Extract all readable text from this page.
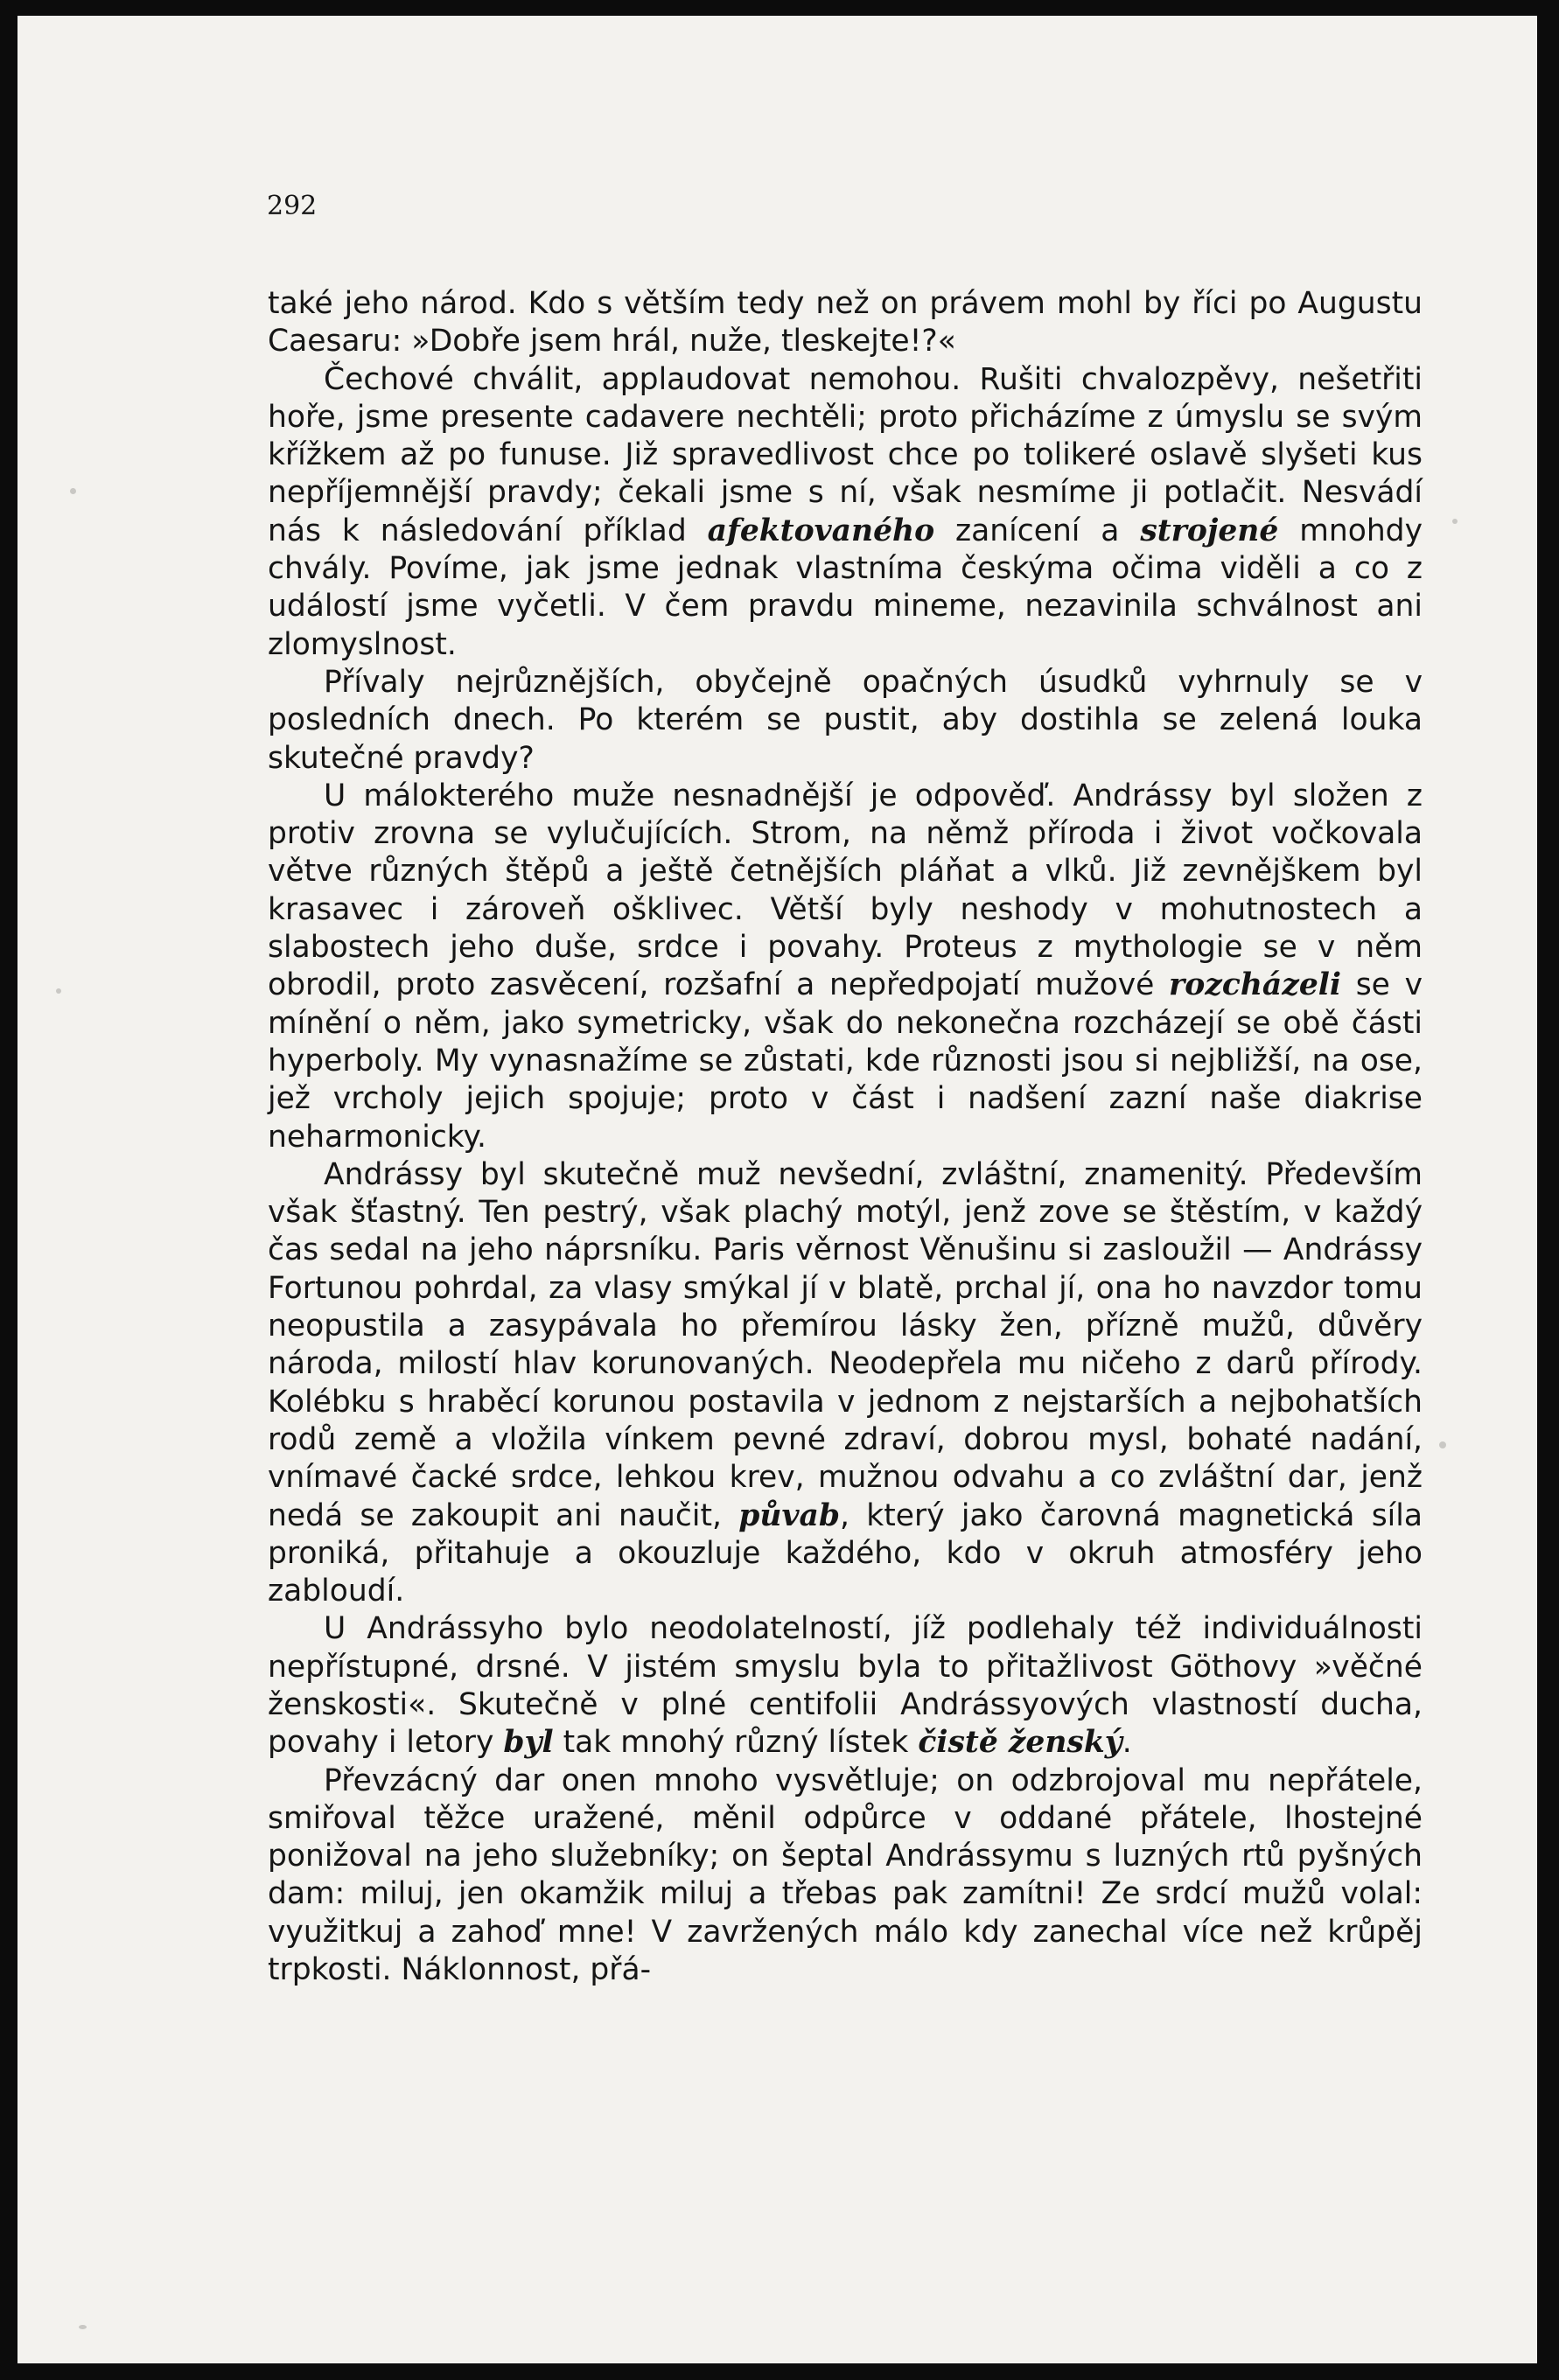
292

také jeho národ. Kdo s větším tedy než on právem mohl by říci po Augustu Caesaru: »Dobře jsem hrál, nuže, tleskejte!?«

Čechové chválit, applaudovat nemohou. Rušiti chvalozpěvy, nešetřiti hoře, jsme presente cadavere nechtěli; proto přicházíme z úmyslu se svým křížkem až po funuse. Již spravedlivost chce po tolikeré oslavě slyšeti kus nepříjemnější pravdy; čekali jsme s ní, však nesmíme ji potlačit. Nesvádí nás k následování příklad afektovaného zanícení a strojené mnohdy chvály. Povíme, jak jsme jednak vlastníma českýma očima viděli a co z událostí jsme vyčetli. V čem pravdu mineme, nezavinila schválnost ani zlomyslnost.

Přívaly nejrůznějších, obyčejně opačných úsudků vyhrnuly se v posledních dnech. Po kterém se pustit, aby dostihla se zelená louka skutečné pravdy?

U málokterého muže nesnadnější je odpověď. Andrássy byl složen z protiv zrovna se vylučujících. Strom, na němž příroda i život vočkovala větve různých štěpů a ještě četnějších pláňat a vlků. Již zevnějškem byl krasavec i zároveň ošklivec. Větší byly neshody v mohutnostech a slabostech jeho duše, srdce i povahy. Proteus z mythologie se v něm obrodil, proto zasvěcení, rozšafní a nepředpojatí mužové rozcházeli se v mínění o něm, jako symetricky, však do nekonečna rozcházejí se obě části hyperboly. My vynasnažíme se zůstati, kde různosti jsou si nejbližší, na ose, jež vrcholy jejich spojuje; proto v část i nadšení zazní naše diakrise neharmonicky.

Andrássy byl skutečně muž nevšední, zvláštní, znamenitý. Především však šťastný. Ten pestrý, však plachý motýl, jenž zove se štěstím, v každý čas sedal na jeho náprsníku. Paris věrnost Věnušinu si zasloužil — Andrássy Fortunou pohrdal, za vlasy smýkal jí v blatě, prchal jí, ona ho navzdor tomu neopustila a zasypávala ho přemírou lásky žen, přízně mužů, důvěry národa, milostí hlav korunovaných. Neodepřela mu ničeho z darů přírody. Kolébku s hraběcí korunou postavila v jednom z nejstarších a nejbohatších rodů země a vložila vínkem pevné zdraví, dobrou mysl, bohaté nadání, vnímavé čacké srdce, lehkou krev, mužnou odvahu a co zvláštní dar, jenž nedá se zakoupit ani naučit, půvab, který jako čarovná magnetická síla proniká, přitahuje a okouzluje každého, kdo v okruh atmosféry jeho zabloudí.

U Andrássyho bylo neodolatelností, jíž podlehaly též individuálnosti nepřístupné, drsné. V jistém smyslu byla to přitažlivost Göthovy »věčné ženskosti«. Skutečně v plné centifolii Andrássyových vlastností ducha, povahy i letory byl tak mnohý různý lístek čistě ženský.

Převzácný dar onen mnoho vysvětluje; on odzbrojoval mu nepřátele, smiřoval těžce uražené, měnil odpůrce v oddané přátele, lhostejné ponižoval na jeho služebníky; on šeptal Andrássymu s luzných rtů pyšných dam: miluj, jen okamžik miluj a třebas pak zamítni! Ze srdcí mužů volal: využitkuj a zahoď mne! V zavržených málo kdy zanechal více než krůpěj trpkosti. Náklonnost, přá-
